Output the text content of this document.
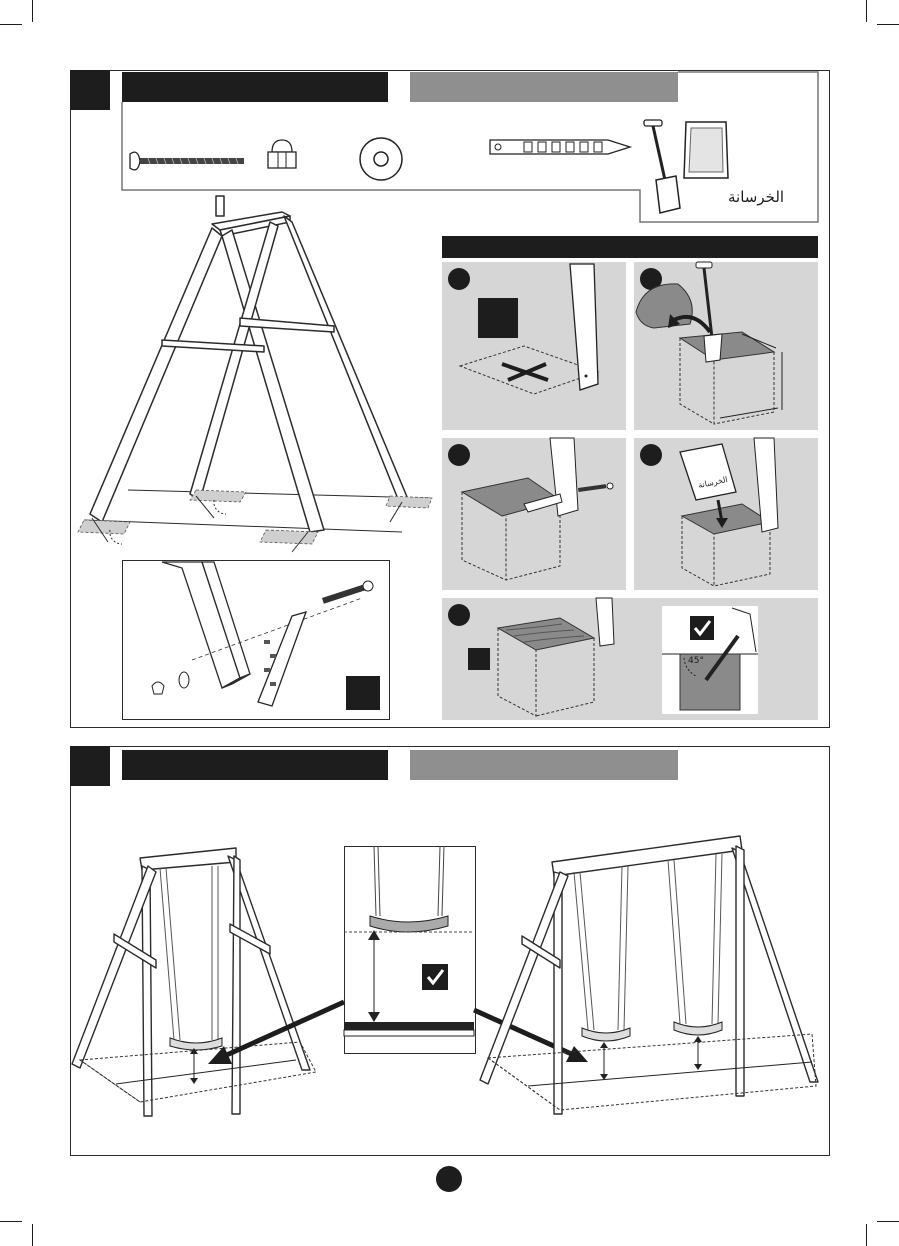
الخرسانة
الخرسانة
45°
